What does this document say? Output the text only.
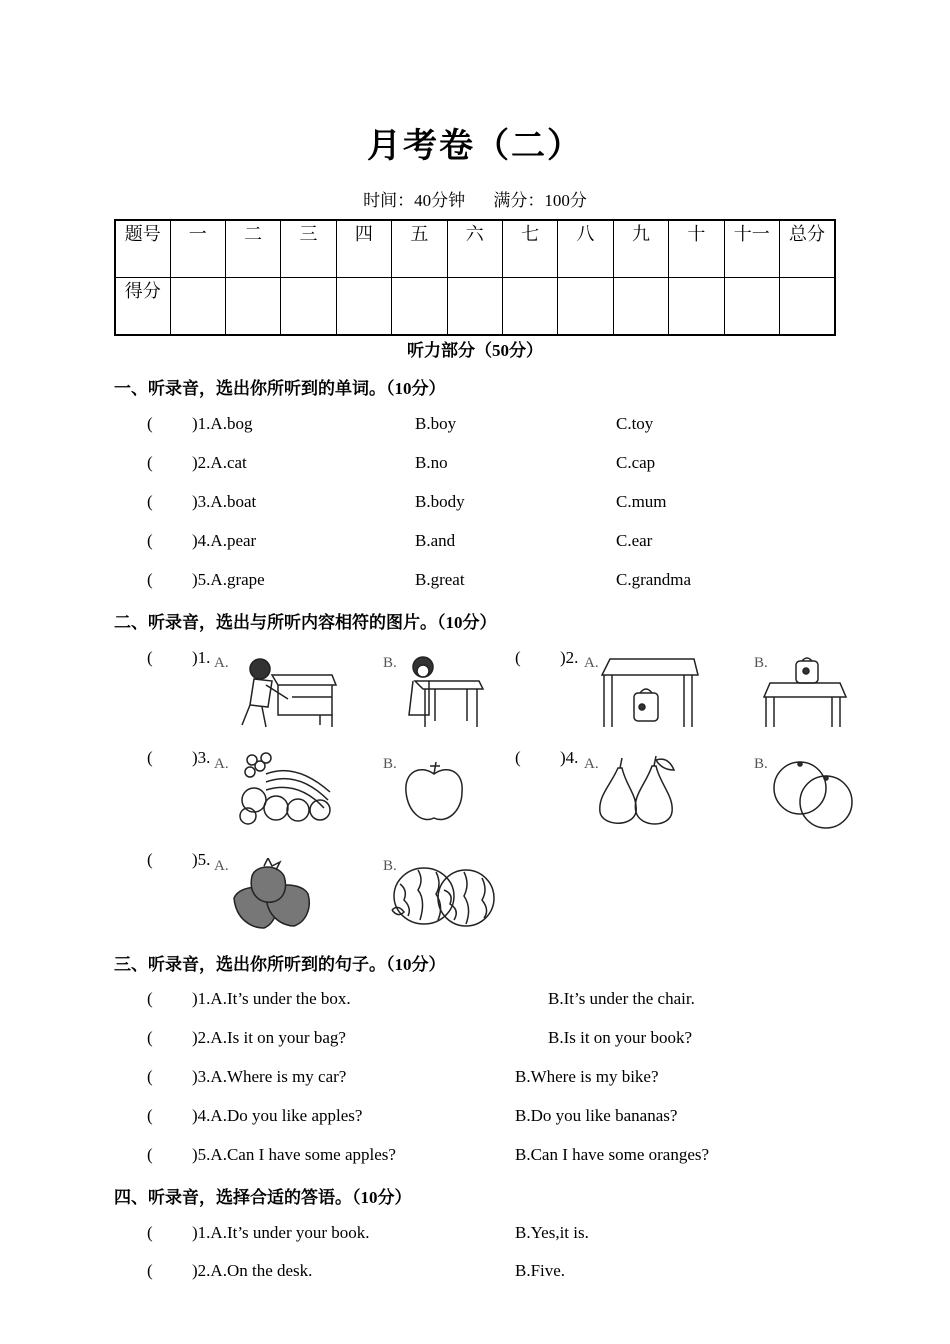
月考卷（二）
时间：40分钟 满分：100分
题号	一	二	三	四	五	六	七	八	九	十	十一	总分
得分												
听力部分（50分）
一、听录音，选出你所听到的单词。（10分）
( )1.A.bog	B.boy	C.toy
( )2.A.cat	B.no	C.cap
( )3.A.boat	B.body	C.mum
( )4.A.pear	B.and	C.ear
( )5.A.grape	B.great	C.grandma
二、听录音，选出与所听内容相符的图片。（10分）
( )1. A.	B.	( )2. A.	B.
( )3. A.	B.	( )4. A.	B.
( )5. A.	B.
三、听录音，选出你所听到的句子。（10分）
( )1.A.It’s under the box.	B.It’s under the chair.
( )2.A.Is it on your bag?	B.Is it on your book?
( )3.A.Where is my car?	B.Where is my bike?
( )4.A.Do you like apples?	B.Do you like bananas?
( )5.A.Can I have some apples?	B.Can I have some oranges?
四、听录音，选择合适的答语。（10分）
( )1.A.It’s under your book.	B.Yes,it is.
( )2.A.On the desk.	B.Five.
